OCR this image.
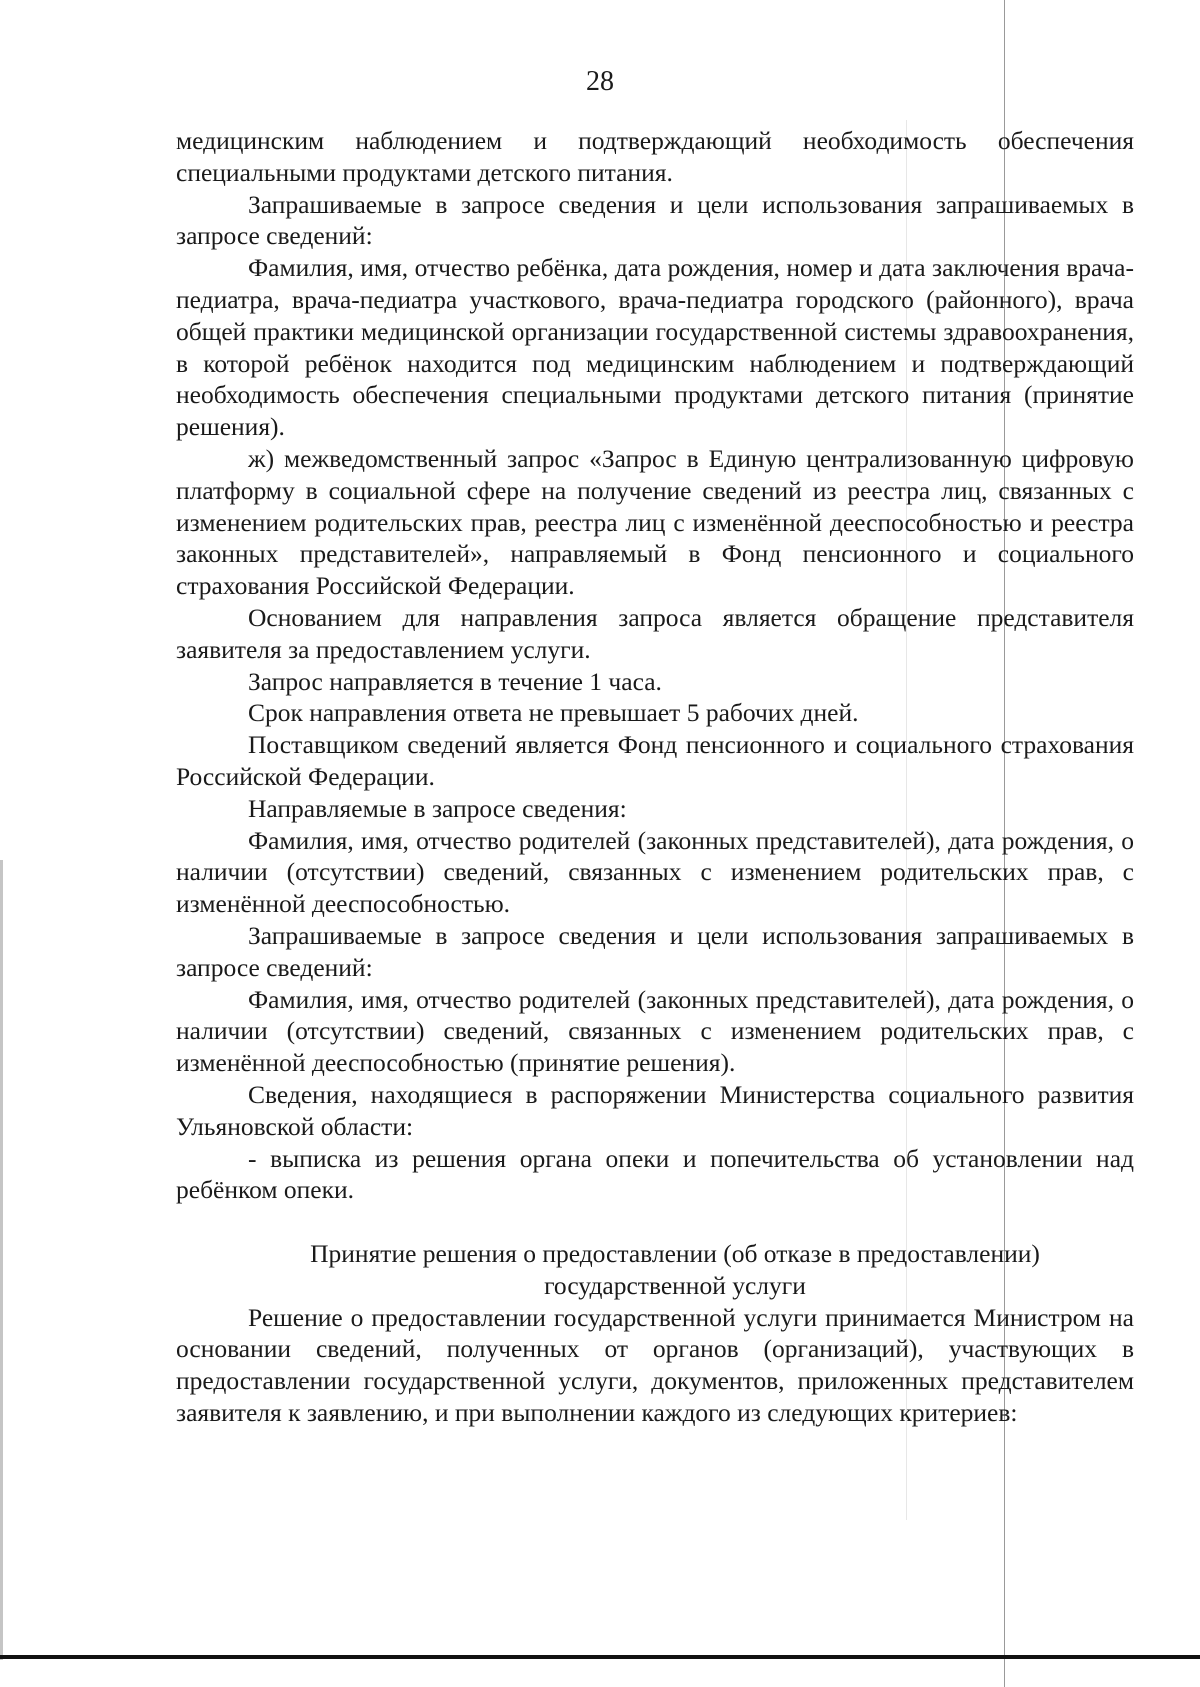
28

медицинским наблюдением и подтверждающий необходимость обеспечения специальными продуктами детского питания.

Запрашиваемые в запросе сведения и цели использования запрашиваемых в запросе сведений:

Фамилия, имя, отчество ребёнка, дата рождения, номер и дата заключения врача-педиатра, врача-педиатра участкового, врача-педиатра городского (районного), врача общей практики медицинской организации государственной системы здравоохранения, в которой ребёнок находится под медицинским наблюдением и подтверждающий необходимость обеспечения специальными продуктами детского питания (принятие решения).

ж) межведомственный запрос «Запрос в Единую централизованную цифровую платформу в социальной сфере на получение сведений из реестра лиц, связанных с изменением родительских прав, реестра лиц с изменённой дееспособностью и реестра законных представителей», направляемый в Фонд пенсионного и социального страхования Российской Федерации.

Основанием для направления запроса является обращение представителя заявителя за предоставлением услуги.

Запрос направляется в течение 1 часа.

Срок направления ответа не превышает 5 рабочих дней.

Поставщиком сведений является Фонд пенсионного и социального страхования Российской Федерации.

Направляемые в запросе сведения:

Фамилия, имя, отчество родителей (законных представителей), дата рождения, о наличии (отсутствии) сведений, связанных с изменением родительских прав, с изменённой дееспособностью.

Запрашиваемые в запросе сведения и цели использования запрашиваемых в запросе сведений:

Фамилия, имя, отчество родителей (законных представителей), дата рождения, о наличии (отсутствии) сведений, связанных с изменением родительских прав, с изменённой дееспособностью (принятие решения).

Сведения, находящиеся в распоряжении Министерства социального развития Ульяновской области:

- выписка из решения органа опеки и попечительства об установлении над ребёнком опеки.

Принятие решения о предоставлении (об отказе в предоставлении)

государственной услуги

Решение о предоставлении государственной услуги принимается Министром на основании сведений, полученных от органов (организаций), участвующих в предоставлении государственной услуги, документов, приложенных представителем заявителя к заявлению, и при выполнении каждого из следующих критериев:
